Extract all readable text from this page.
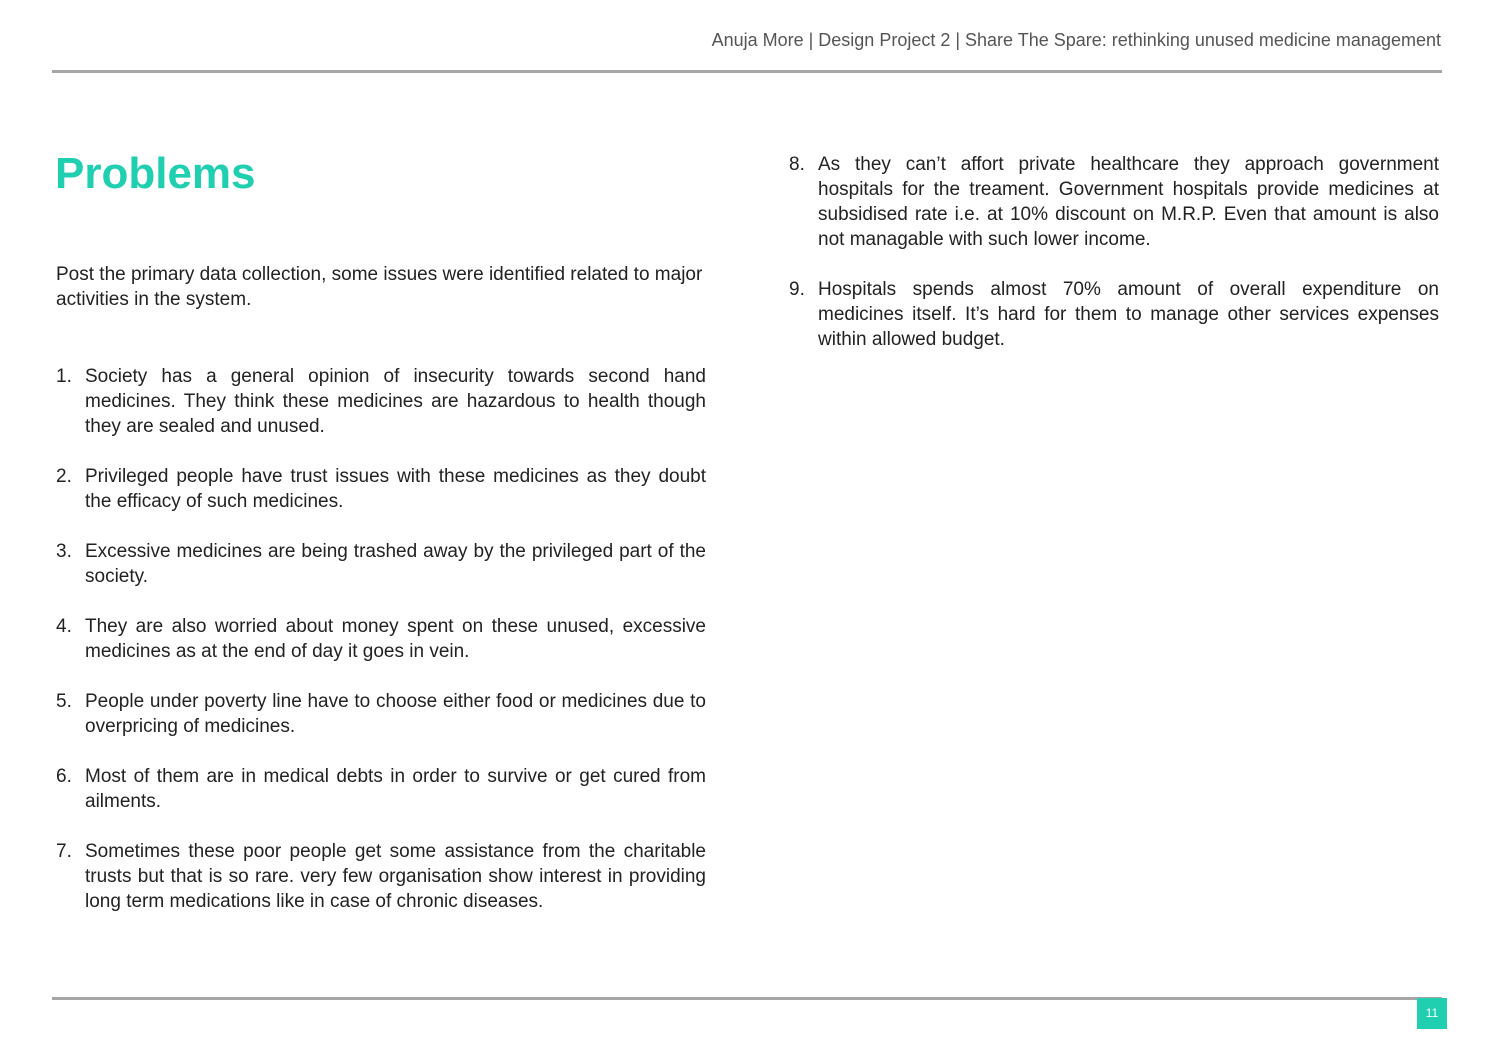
Anuja More | Design Project 2 | Share The Spare: rethinking unused medicine management
Problems

Post the primary data collection, some issues were identified related to major activities in the system.

1. Society has a general opinion of insecurity towards second hand medicines. They think these medicines are hazardous to health though they are sealed and unused.
2. Privileged people have trust issues with these medicines as they doubt the efficacy of such medicines.
3. Excessive medicines are being trashed away by the privileged part of the society.
4. They are also worried about money spent on these unused, excessive medicines as at the end of day it goes in vein.
5. People under poverty line have to choose either food or medicines due to overpricing of medicines.
6. Most of them are in medical debts in order to survive or get cured from ailments.
7. Sometimes these poor people get some assistance from the charitable trusts but that is so rare. very few organisation show interest in providing long term medications like in case of chronic diseases.
8. As they can’t affort private healthcare they approach government hospitals for the treament. Government hospitals provide medicines at subsidised rate i.e. at 10% discount on M.R.P. Even that amount is also not managable with such lower income.
9. Hospitals spends almost 70% amount of overall expenditure on medicines itself. It’s hard for them to manage other services expenses within allowed budget.
11
